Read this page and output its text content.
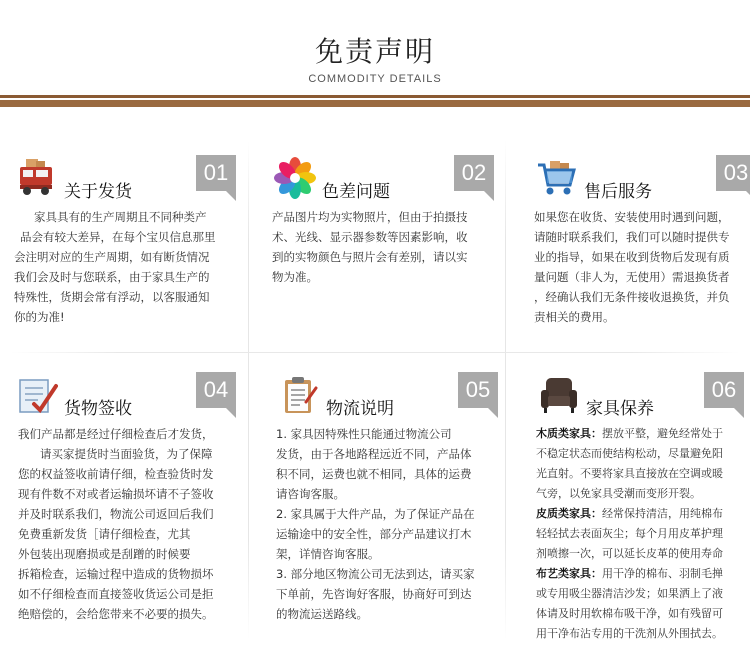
免责声明
COMMODITY DETAILS
关于发货
01

家具具有的生产周期且不同种类产

品会有较大差异，在每个宝贝信息那里

会注明对应的生产周期，如有断货情况

我们会及时与您联系，由于家具生产的

特殊性，货期会常有浮动，以客服通知

你的为准!

色差问题
02

产品图片均为实物照片，但由于拍摄技

术、光线、显示器参数等因素影响，收

到的实物颜色与照片会有差别，请以实

物为准。

售后服务
03

如果您在收货、安装使用时遇到问题，

请随时联系我们，我们可以随时提供专

业的指导，如果在收到货物后发现有质

量问题（非人为，无使用）需退换货者

，经确认我们无条件接收退换货，并负

责相关的费用。

货物签收
04

我们产品都是经过仔细检查后才发货，

请买家提货时当面验货，为了保障

您的权益签收前请仔细，检查验货时发

现有件数不对或者运输损坏请不子签收

并及时联系我们，物流公司返回后我们

免费重新发货［请仔细检查，尤其

外包装出现磨损或是刮蹭的时候要

拆箱检查，运输过程中造成的货物损坏

如不仔细检查而直接签收货运公司是拒

绝赔偿的，会给您带来不必要的损失。

物流说明
05

1. 家具因特殊性只能通过物流公司

发货，由于各地路程远近不同，产品体

积不同，运费也就不相同，具体的运费

请咨询客服。

2. 家具属于大件产品，为了保证产品在

运输途中的安全性，部分产品建议打木

架，详情咨询客服。

3. 部分地区物流公司无法到达，请买家

下单前，先咨询好客服，协商好可到达

的物流运送路线。

家具保养
06

木质类家具：摆放平整，避免经常处于

不稳定状态而使结构松动，尽量避免阳

光直射。不要将家具直接放在空调或暖

气旁，以免家具受潮而变形开裂。

皮质类家具：经常保持清洁，用纯棉布

轻轻拭去表面灰尘；每个月用皮革护理

剂喷擦一次，可以延长皮革的使用寿命

布艺类家具：用干净的棉布、羽制毛掸

或专用吸尘器清洁沙发；如果洒上了液

体请及时用软棉布吸干净，如有残留可

用干净布沾专用的干洗剂从外围拭去。
